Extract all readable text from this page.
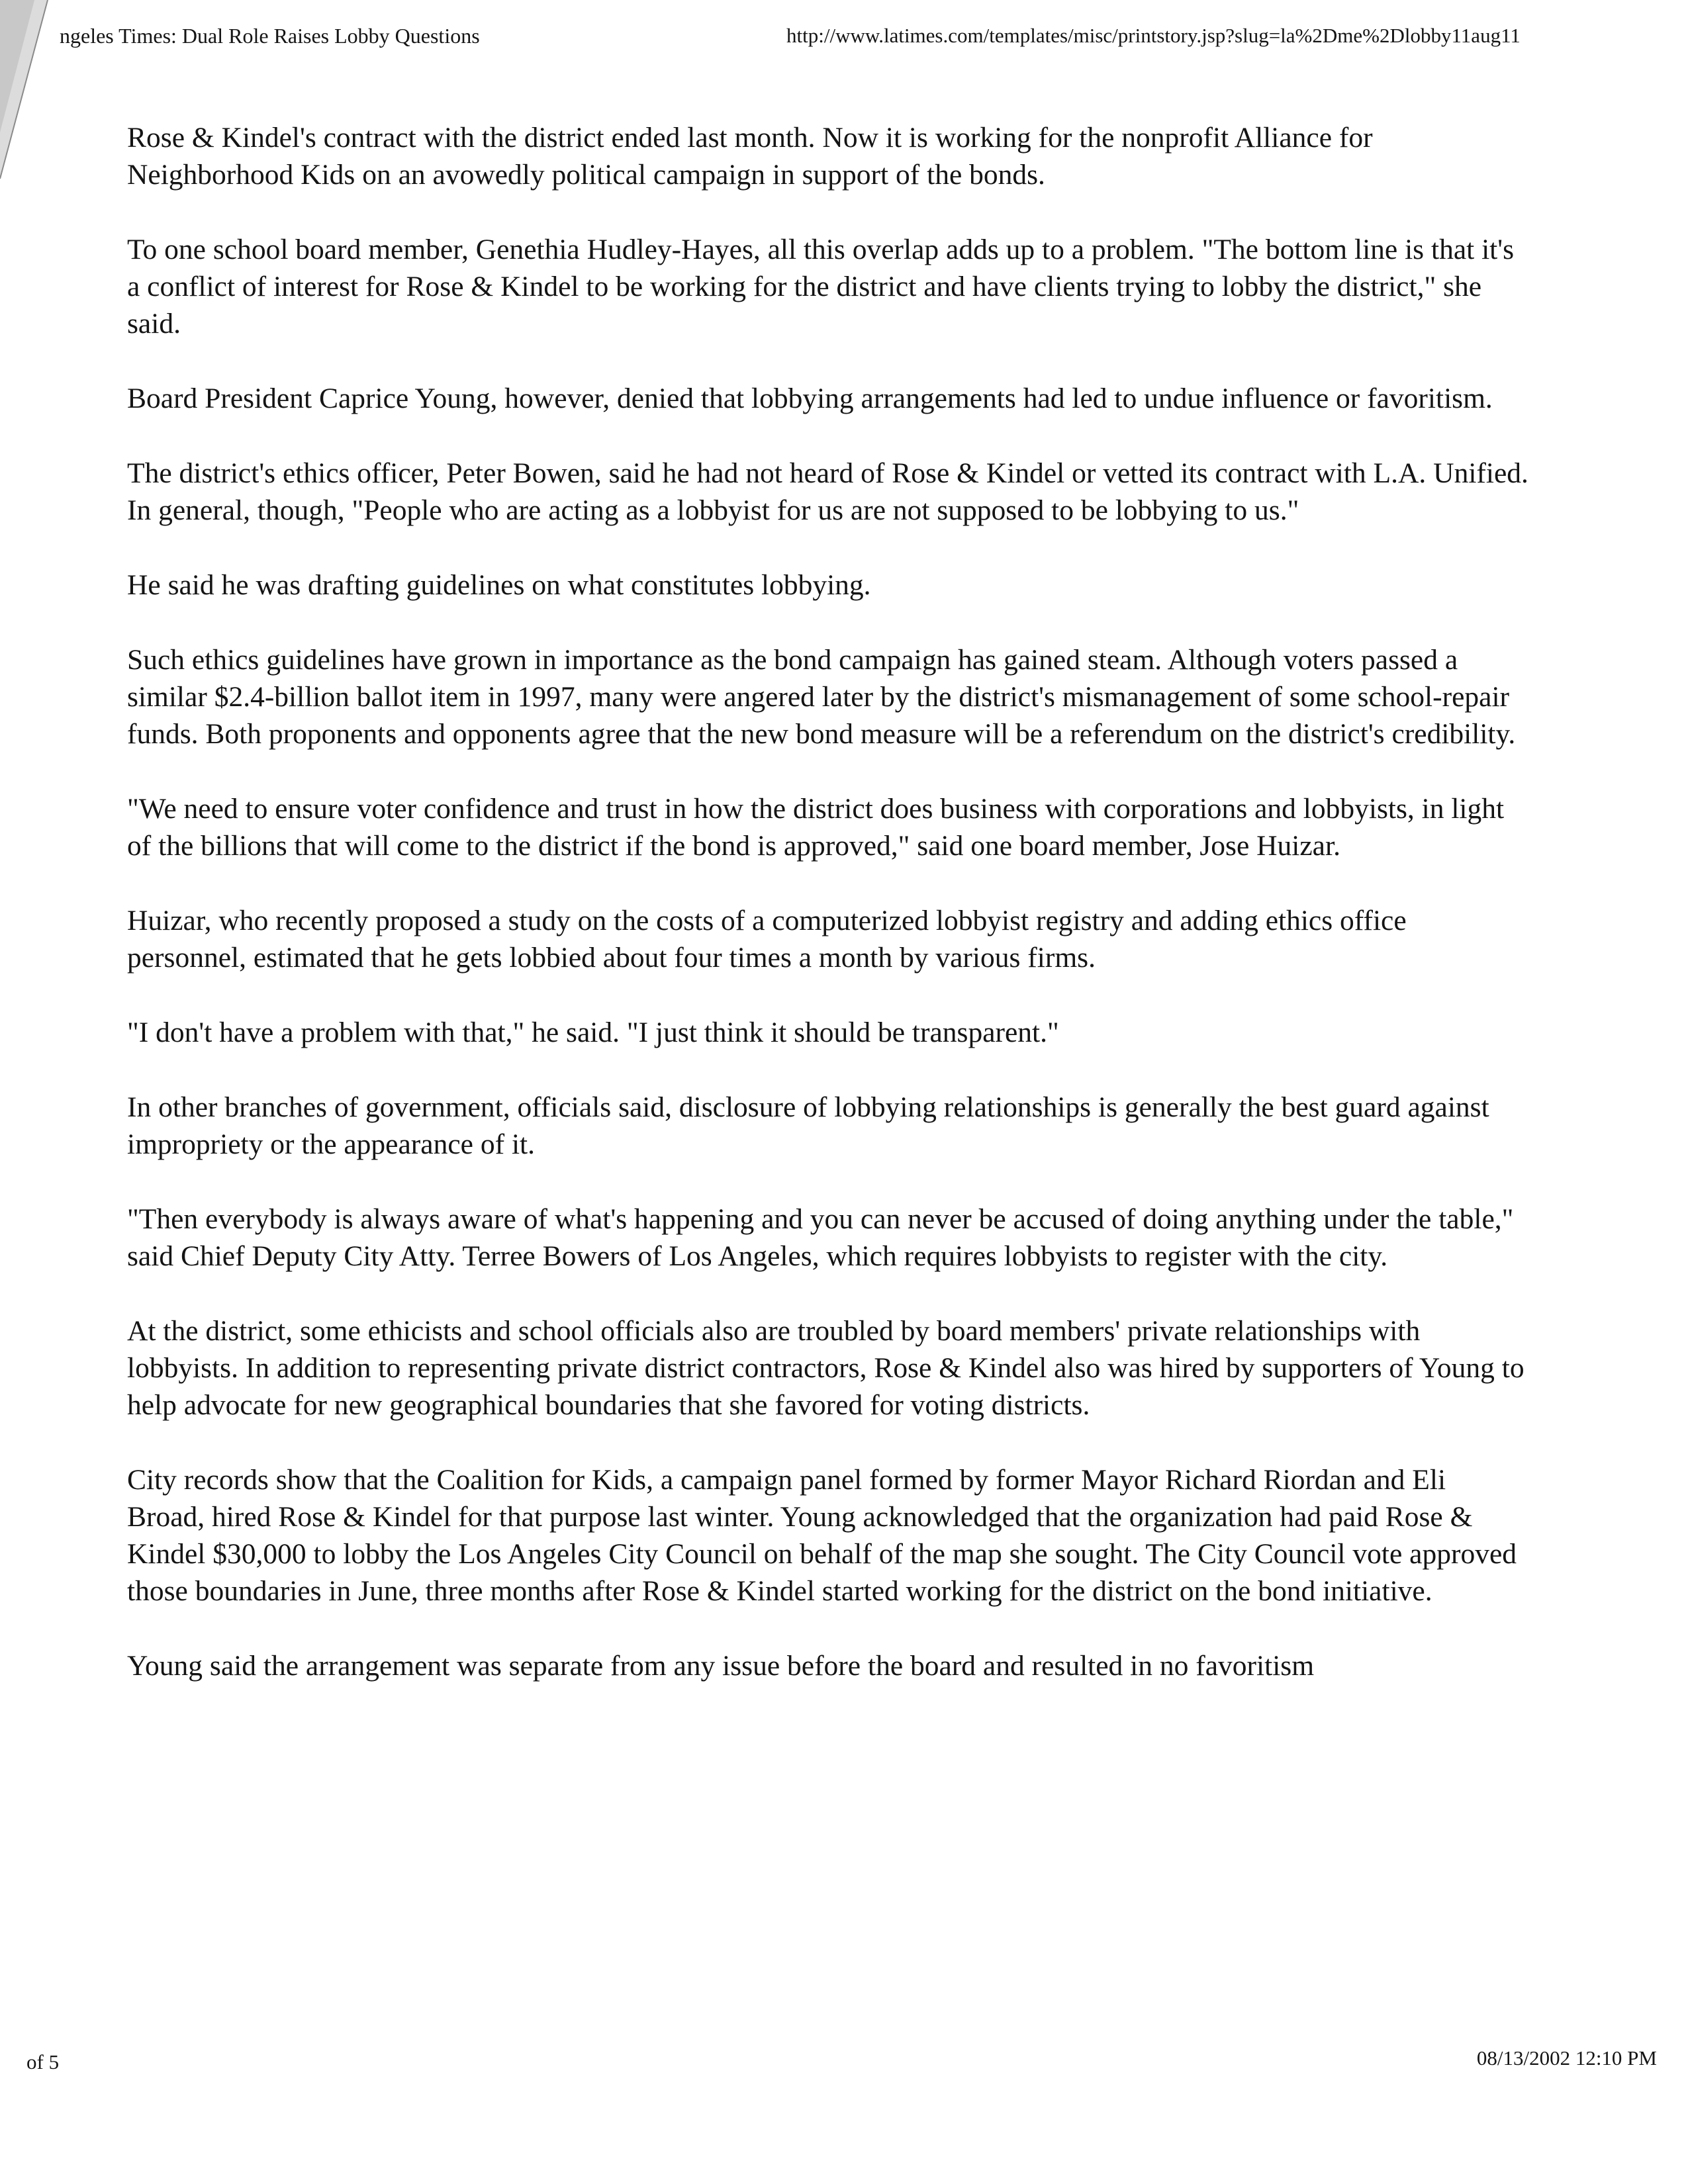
ngeles Times: Dual Role Raises Lobby Questions	http://www.latimes.com/templates/misc/printstory.jsp?slug=la%2Dme%2Dlobby11aug11

Rose & Kindel's contract with the district ended last month. Now it is working for the nonprofit Alliance for Neighborhood Kids on an avowedly political campaign in support of the bonds.

To one school board member, Genethia Hudley-Hayes, all this overlap adds up to a problem. "The bottom line is that it's a conflict of interest for Rose & Kindel to be working for the district and have clients trying to lobby the district," she said.

Board President Caprice Young, however, denied that lobbying arrangements had led to undue influence or favoritism.

The district's ethics officer, Peter Bowen, said he had not heard of Rose & Kindel or vetted its contract with L.A. Unified. In general, though, "People who are acting as a lobbyist for us are not supposed to be lobbying to us."

He said he was drafting guidelines on what constitutes lobbying.

Such ethics guidelines have grown in importance as the bond campaign has gained steam. Although voters passed a similar $2.4-billion ballot item in 1997, many were angered later by the district's mismanagement of some school-repair funds. Both proponents and opponents agree that the new bond measure will be a referendum on the district's credibility.

"We need to ensure voter confidence and trust in how the district does business with corporations and lobbyists, in light of the billions that will come to the district if the bond is approved," said one board member, Jose Huizar.

Huizar, who recently proposed a study on the costs of a computerized lobbyist registry and adding ethics office personnel, estimated that he gets lobbied about four times a month by various firms.

"I don't have a problem with that," he said. "I just think it should be transparent."

In other branches of government, officials said, disclosure of lobbying relationships is generally the best guard against impropriety or the appearance of it.

"Then everybody is always aware of what's happening and you can never be accused of doing anything under the table," said Chief Deputy City Atty. Terree Bowers of Los Angeles, which requires lobbyists to register with the city.

At the district, some ethicists and school officials also are troubled by board members' private relationships with lobbyists. In addition to representing private district contractors, Rose & Kindel also was hired by supporters of Young to help advocate for new geographical boundaries that she favored for voting districts.

City records show that the Coalition for Kids, a campaign panel formed by former Mayor Richard Riordan and Eli Broad, hired Rose & Kindel for that purpose last winter. Young acknowledged that the organization had paid Rose & Kindel $30,000 to lobby the Los Angeles City Council on behalf of the map she sought. The City Council vote approved those boundaries in June, three months after Rose & Kindel started working for the district on the bond initiative.

Young said the arrangement was separate from any issue before the board and resulted in no favoritism

of 5	08/13/2002 12:10 PM
